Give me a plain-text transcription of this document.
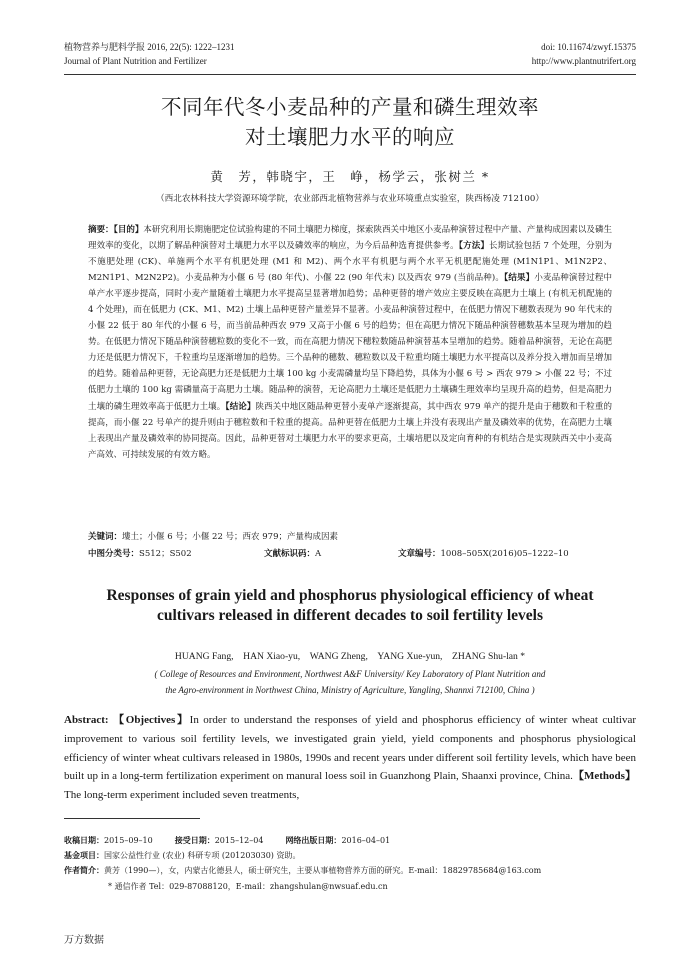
植物营养与肥料学报 2016, 22(5): 1222–1231	doi: 10.11674/zwyf.15375
Journal of Plant Nutrition and Fertilizer	http://www.plantnutrifert.org
不同年代冬小麦品种的产量和磷生理效率
对土壤肥力水平的响应
黄　芳，韩晓宇，王　峥，杨学云，张树兰 *
（西北农林科技大学资源环境学院，农业部西北植物营养与农业环境重点实验室，陕西杨凌 712100）
摘要：【目的】本研究利用长期施肥定位试验构建的不同土壤肥力梯度，探索陕西关中地区小麦品种演替过程中产量、产量构成因素以及磷生理效率的变化，以期了解品种演替对土壤肥力水平以及磷效率的响应，为今后品种选育提供参考。【方法】长期试验包括 7 个处理，分别为不施肥处理 (CK)、单施两个水平有机肥处理 (M1 和 M2)、两个水平有机肥与两个水平无机肥配施处理 (M1N1P1、M1N2P2、M2N1P1、M2N2P2)。小麦品种为小偃 6 号 (80 年代)、小偃 22 (90 年代末) 以及西农 979 (当前品种)。【结果】小麦品种演替过程中单产水平逐步提高，同时小麦产量随着土壤肥力水平提高呈显著增加趋势；品种更替的增产效应主要反映在高肥力土壤上 (有机无机配施的 4 个处理)，而在低肥力 (CK、M1、M2) 土壤上品种更替产量差异不显著。小麦品种演替过程中，在低肥力情况下穗数表现为 90 年代末的小偃 22 低于 80 年代的小偃 6 号，而当前品种西农 979 又高于小偃 6 号的趋势；但在高肥力情况下随品种演替穗数基本呈现为增加的趋势。在低肥力情况下随品种演替穗粒数的变化不一致，而在高肥力情况下穗粒数随品种演替基本呈增加的趋势。随着品种演替，无论在高肥力还是低肥力情况下，千粒重均呈逐渐增加的趋势。三个品种的穗数、穗粒数以及千粒重均随土壤肥力水平提高以及养分投入增加而呈增加的趋势。随着品种更替，无论高肥力还是低肥力土壤 100 kg 小麦需磷量均呈下降趋势，具体为小偃 6 号 > 西农 979 > 小偃 22 号；不过低肥力土壤的 100 kg 需磷量高于高肥力土壤。随品种的演替，无论高肥力土壤还是低肥力土壤磷生理效率均呈现升高的趋势，但是高肥力土壤的磷生理效率高于低肥力土壤。【结论】陕西关中地区随品种更替小麦单产逐渐提高，其中西农 979 单产的提升是由于穗数和千粒重的提高，而小偃 22 号单产的提升则由于穗粒数和千粒重的提高。品种更替在低肥力土壤上并没有表现出产量及磷效率的优势，在高肥力土壤上表现出产量及磷效率的协同提高。因此，品种更替对土壤肥力水平的要求更高，土壤培肥以及定向育种的有机结合是实现陕西关中小麦高产高效、可持续发展的有效方略。
关键词：塿土；小偃 6 号；小偃 22 号；西农 979；产量构成因素
中图分类号：S512；S502	文献标识码：A	文章编号：1008–505X(2016)05–1222–10
Responses of grain yield and phosphorus physiological efficiency of wheat
cultivars released in different decades to soil fertility levels
HUANG Fang,　HAN Xiao-yu,　WANG Zheng,　YANG Xue-yun,　ZHANG Shu-lan *
( College of Resources and Environment, Northwest A&F University/ Key Laboratory of Plant Nutrition and
the Agro-environment in Northwest China, Ministry of Agriculture, Yangling, Shannxi 712100, China )
Abstract: 【Objectives】In order to understand the responses of yield and phosphorus efficiency of winter wheat cultivar improvement to various soil fertility levels, we investigated grain yield, yield components and phosphorus physiological efficiency of winter wheat cultivars released in 1980s, 1990s and recent years under different soil fertility levels, which have been built up in a long-term fertilization experiment on manural loess soil in Guanzhong Plain, Shaanxi province, China.【Methods】 The long-term experiment included seven treatments,
收稿日期：2015–09–10	接受日期：2015–12–04	网络出版日期：2016–04–01
基金项目：国家公益性行业 (农业) 科研专项 (201203030) 资助。
作者简介：黄芳（1990—），女，内蒙古化德县人，硕士研究生，主要从事植物营养方面的研究。E-mail：18829785684@163.com
* 通信作者 Tel：029-87088120，E-mail：zhangshulan@nwsuaf.edu.cn
万方数据
